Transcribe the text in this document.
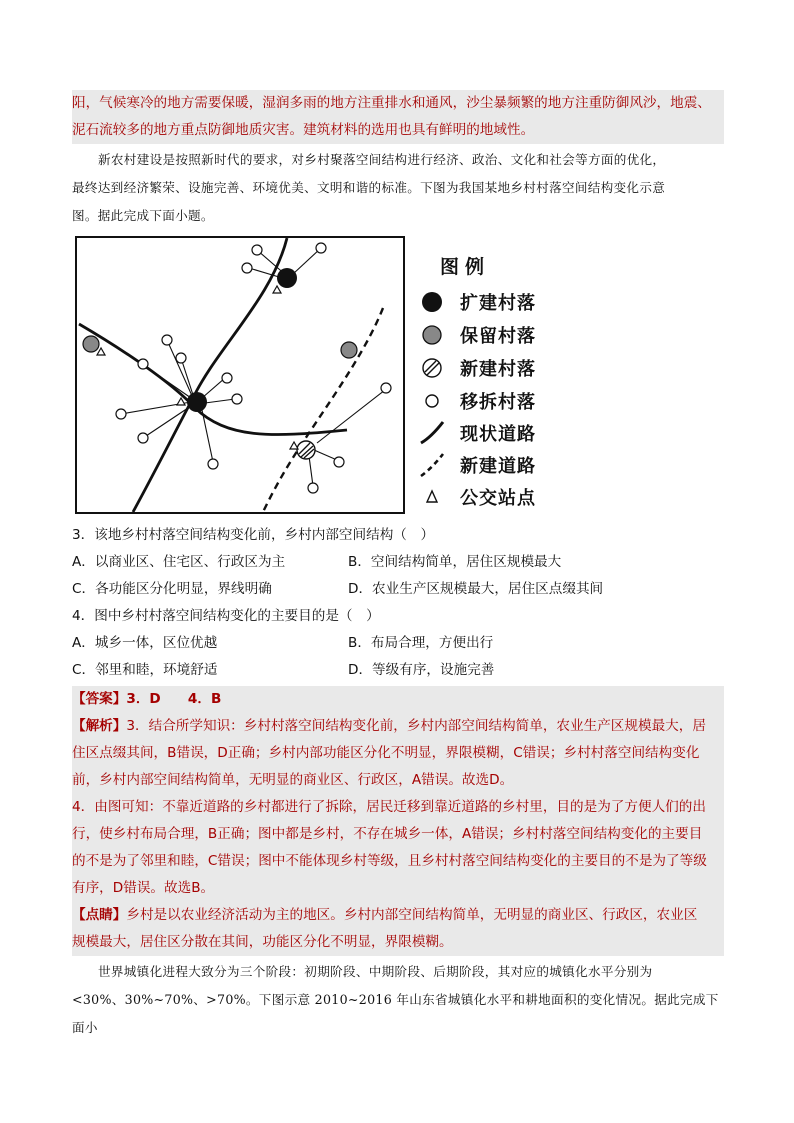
阳，气候寒冷的地方需要保暖，湿润多雨的地方注重排水和通风，沙尘暴频繁的地方注重防御风沙，地震、
泥石流较多的地方重点防御地质灾害。建筑材料的选用也具有鲜明的地域性。
新农村建设是按照新时代的要求，对乡村聚落空间结构进行经济、政治、文化和社会等方面的优化，
最终达到经济繁荣、设施完善、环境优美、文明和谐的标准。下图为我国某地乡村村落空间结构变化示意
图。据此完成下面小题。
图例
扩建村落
保留村落
新建村落
移拆村落
现状道路
新建道路
公交站点
3．该地乡村村落空间结构变化前，乡村内部空间结构（　）
A．以商业区、住宅区、行政区为主	B．空间结构简单，居住区规模最大
C．各功能区分化明显，界线明确	D．农业生产区规模最大，居住区点缀其间
4．图中乡村村落空间结构变化的主要目的是（　）
A．城乡一体，区位优越	B．布局合理，方便出行
C．邻里和睦，环境舒适	D．等级有序，设施完善
【答案】3．D　　4．B
【解析】3．结合所学知识：乡村村落空间结构变化前，乡村内部空间结构简单，农业生产区规模最大，居
住区点缀其间，B错误，D正确；乡村内部功能区分化不明显，界限模糊，C错误；乡村村落空间结构变化
前，乡村内部空间结构简单，无明显的商业区、行政区，A错误。故选D。
4．由图可知：不靠近道路的乡村都进行了拆除，居民迁移到靠近道路的乡村里，目的是为了方便人们的出
行，使乡村布局合理，B正确；图中都是乡村，不存在城乡一体，A错误；乡村村落空间结构变化的主要目
的不是为了邻里和睦，C错误；图中不能体现乡村等级，且乡村村落空间结构变化的主要目的不是为了等级
有序，D错误。故选B。
【点睛】乡村是以农业经济活动为主的地区。乡村内部空间结构简单，无明显的商业区、行政区，农业区
规模最大，居住区分散在其间，功能区分化不明显，界限模糊。
世界城镇化进程大致分为三个阶段：初期阶段、中期阶段、后期阶段，其对应的城镇化水平分别为
<30%、30%~70%、>70%。下图示意 2010~2016 年山东省城镇化水平和耕地面积的变化情况。据此完成下面小
